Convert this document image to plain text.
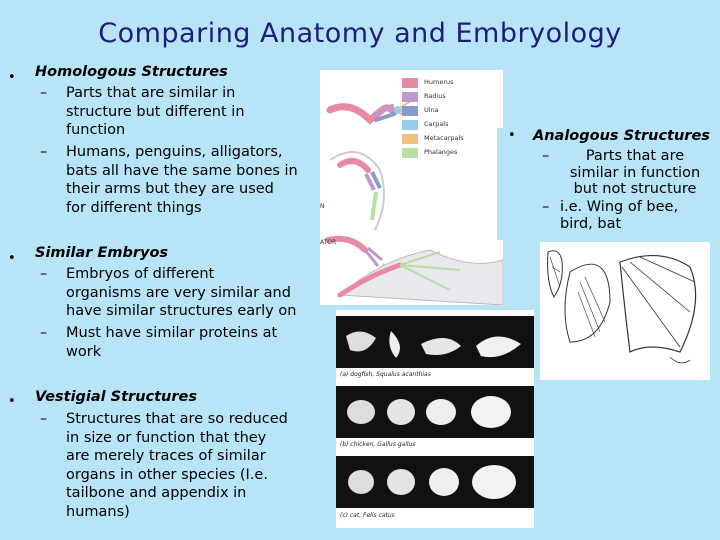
Comparing Anatomy and Embryology
• Homologous Structures
– Parts that are similar in
structure but different in
function
– Humans, penguins, alligators,
bats all have the same bones in
their arms but they are used
for different things
• Similar Embryos
– Embryos of different
organisms are very similar and
have similar structures early on
– Must have similar proteins at
work
• Vestigial Structures
– Structures that are so reduced
in size or function that they
are merely traces of similar
organs in other species (I.e.
tailbone and appendix in
humans)
N
ATOR
Humerus
Radius
Ulna
Carpals
Metacarpals
Phalanges
• Analogous Structures
–	Parts that are
similar in function
but not structure
– i.e. Wing of bee,
bird, bat
(a) dogfish, Squalus acanthias
(b) chicken, Gallus gallus
(c) cat, Felis catus
